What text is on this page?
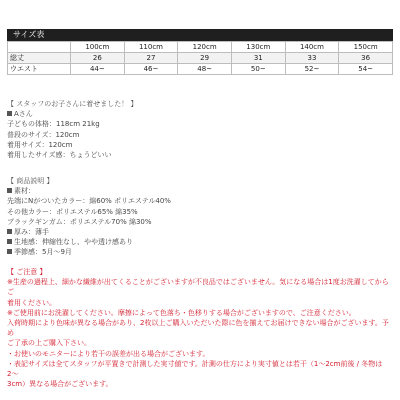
サイズ表
	100cm	110cm	120cm	130cm	140cm	150cm
総丈	26	27	29	31	33	36
ウエスト	44~	46~	48~	50~	52~	54~
【 スタッフのお子さんに着せました！ 】
Aさん
子どもの体格：118cm 21kg
普段のサイズ：120cm
着用サイズ：120cm
着用したサイズ感：ちょうどいい
【 商品説明 】
素材：
先端にNがついたカラー：綿60% ポリエステル40%
その他カラー：ポリエステル65% 綿35%
ブラックギンガム：ポリエステル70% 綿30%
厚み：薄手
生地感：伸縮性なし、やや透け感あり
季節感：5月〜9月
【 ご注意 】
※生産の過程上、細かな繊維が出てくることがございますが不良品ではございません。気になる場合は1度お洗濯してからご
着用ください。
※ご使用前にお洗濯してください。摩擦によって色落ち・色移りする場合がございますので、ご注意ください。
入荷時期により色味が異なる場合があり、2枚以上ご購入いただいた際に色を揃えてお届けできない場合がございます。予め
ご了承の上ご購入下さい。
・お使いのモニターにより若干の誤差が出る場合がございます。
・表記サイズは全てスタッフが平置きで計測した実寸値です。計測の仕方により実寸値とは若干（1〜2cm前後 / 冬物は2〜
3cm）異なる場合がございます。
